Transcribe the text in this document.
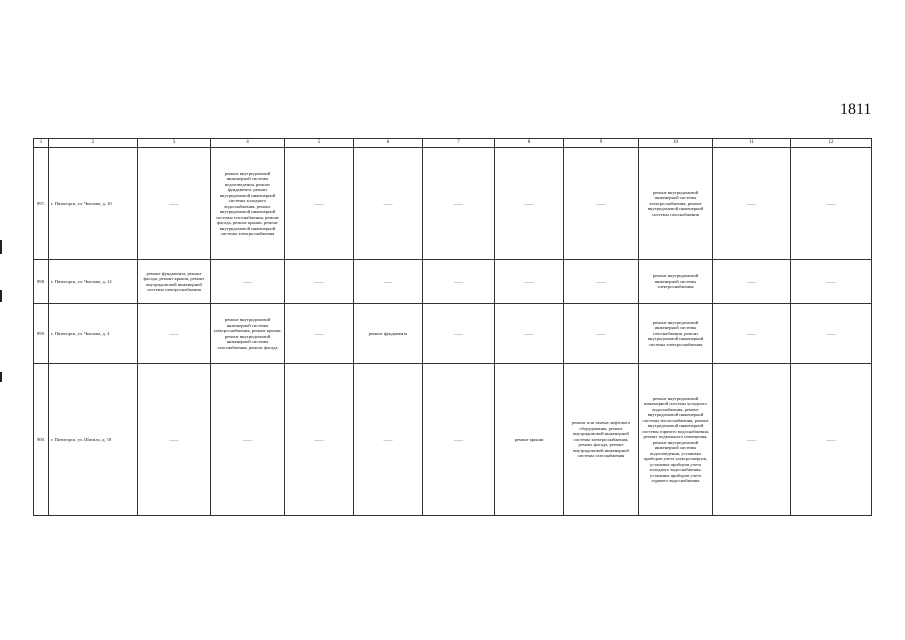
1811
1	2	3	4	5	6	7	8	9	10	11	12
897.	г. Пятигорск, ул. Чкалова, д. 10	——	ремонт внутридомовой инженерной системы водоотведения, ремонт фундамента, ремонт внутридомовой инженерной системы холодного водоснабжения, ремонт внутридомовой инженерной системы газоснабжения, ремонт фасада, ремонт крыши, ремонт внутридомовой инженерной системы электроснабжения	——	——	——	——	——	ремонт внутридомовой инженерной системы электроснабжения, ремонт внутридомовой инженерной системы газоснабжения	——	——
898.	г. Пятигорск, ул. Чкалова, д. 12	ремонт фундамента, ремонт фасада, ремонт крыши, ремонт внутридомовой инженерной системы электроснабжения	——	——	——	——	——	——	ремонт внутридомовой инженерной системы электроснабжения	——	——
899.	г. Пятигорск, ул. Чкалова, д. 4	——	ремонт внутридомовой инженерной системы электроснабжения, ремонт крыши, ремонт внутридомовой инженерной системы газоснабжения, ремонт фасада	——	ремонт фундамента	——	——	——	ремонт внутридомовой инженерной системы газоснабжения, ремонт внутридомовой инженерной системы электроснабжения	——	——
900.	г. Пятигорск, ул. Шатило, д. 18	——	——	——	——	——	ремонт крыши	ремонт или замена лифтового оборудования, ремонт внутридомовой инженерной системы электроснабжения, ремонт фасада, ремонт внутридомовой инженерной системы газоснабжения	ремонт внутридомовой инженерной системы холодного водоснабжения, ремонт внутридомовой инженерной системы теплоснабжения, ремонт внутридомовой инженерной системы горячего водоснабжения, ремонт подвального помещения, ремонт внутридомовой инженерной системы водоотведения, установка приборов учета электроэнергии, установка приборов учета холодного водоснабжения, установка приборов учета горячего водоснабжения	——	——
